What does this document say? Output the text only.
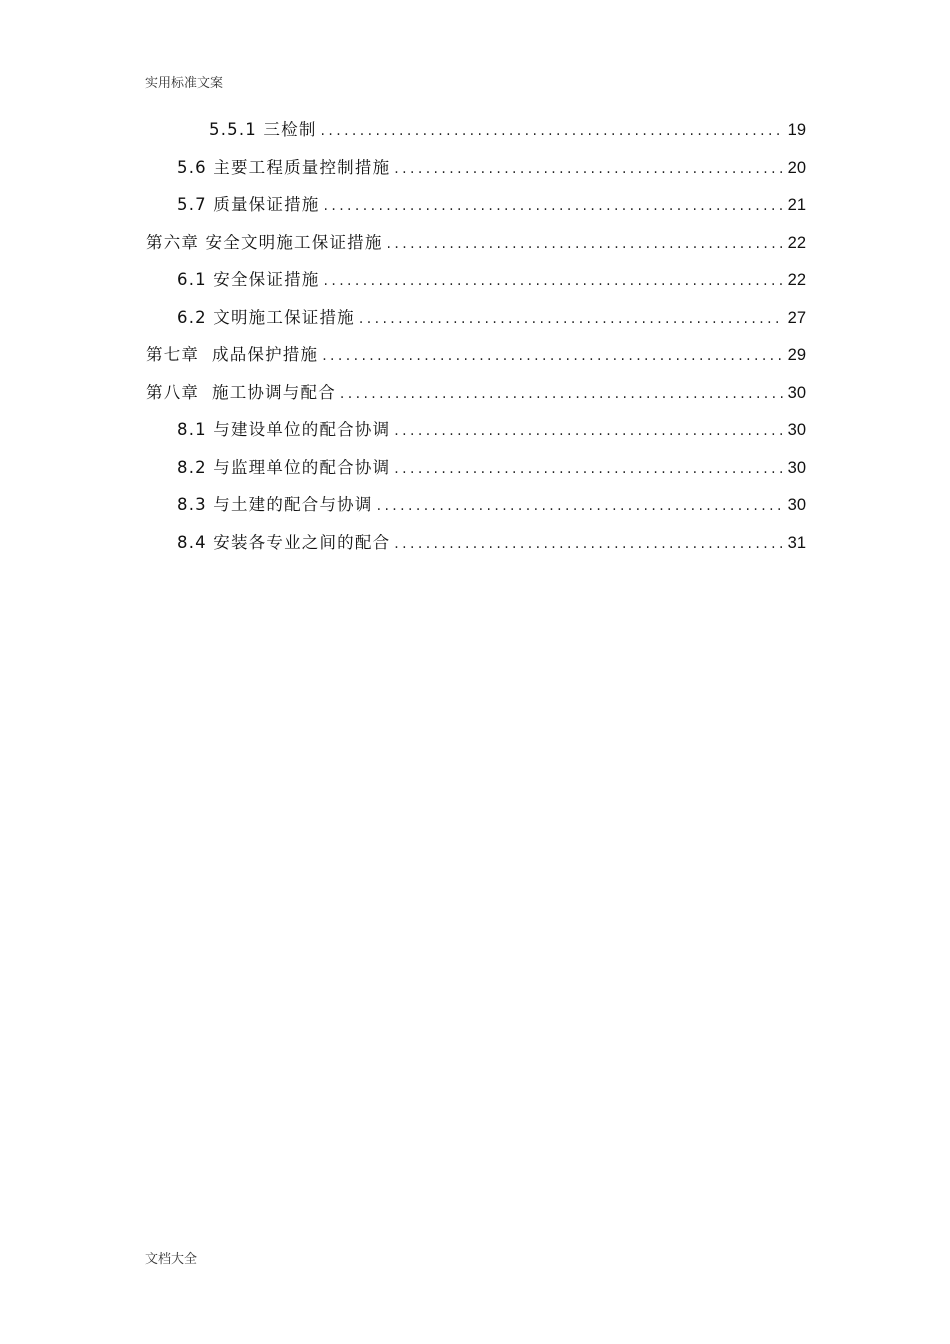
实用标准文案
5.5.1 三检制 .....	19
5.6 主要工程质量控制措施 .....	20
5.7 质量保证措施 .....	21
第六章 安全文明施工保证措施 .....	22
6.1 安全保证措施 .....	22
6.2 文明施工保证措施 .....	27
第七章  成品保护措施 .....	29
第八章  施工协调与配合 .....	30
8.1 与建设单位的配合协调 .....	30
8.2 与监理单位的配合协调 .....	30
8.3 与土建的配合与协调 .....	30
8.4 安装各专业之间的配合 .....	31
文档大全
